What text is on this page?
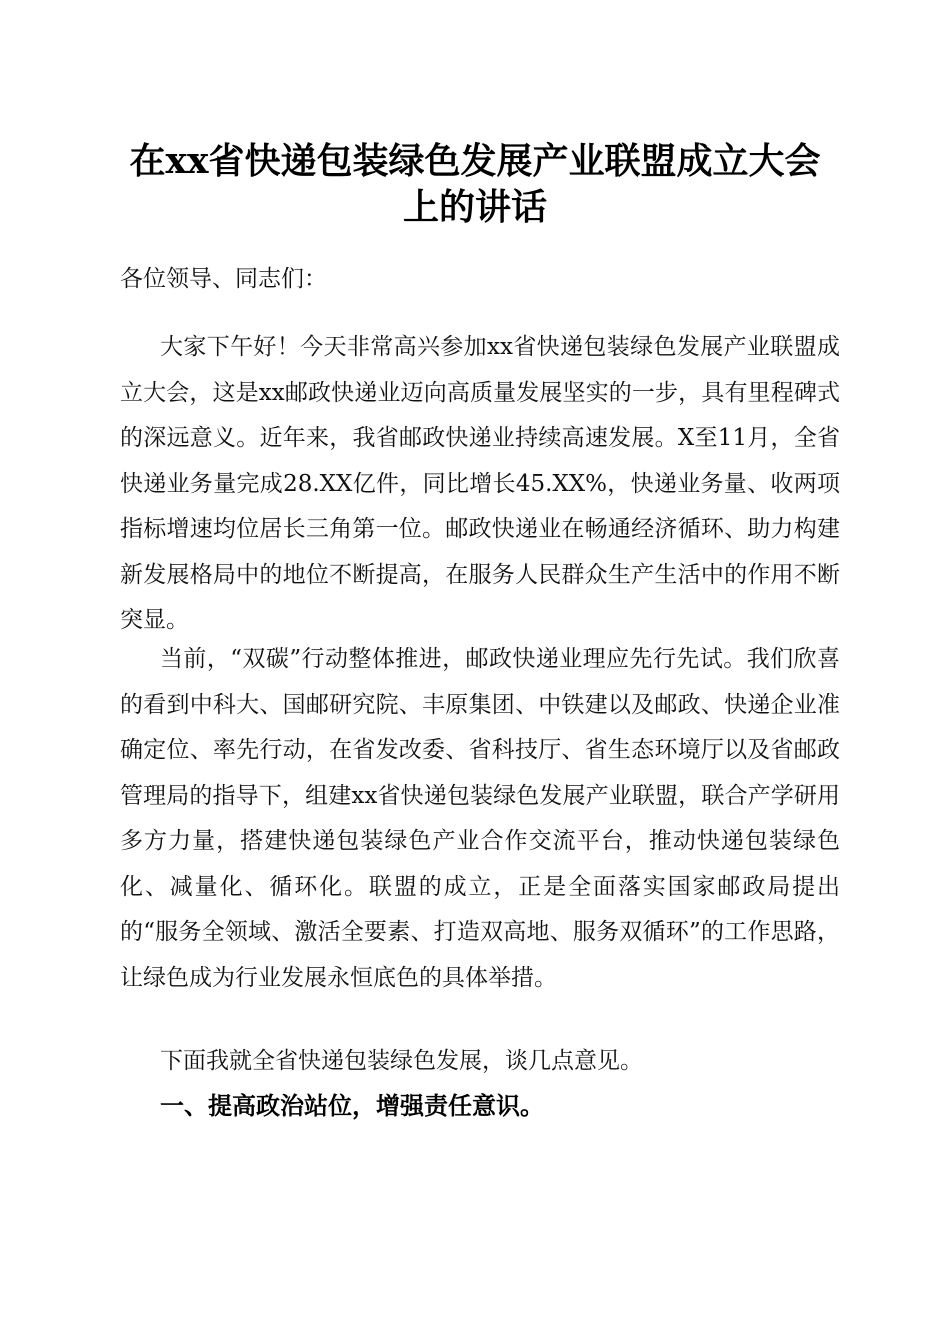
在xx省快递包装绿色发展产业联盟成立大会
上的讲话
各位领导、同志们：

大家下午好！今天非常高兴参加xx省快递包装绿色发展产业联盟成立大会，这是xx邮政快递业迈向高质量发展坚实的一步，具有里程碑式的深远意义。近年来，我省邮政快递业持续高速发展。X至11月，全省快递业务量完成28.XX亿件，同比增长45.XX%，快递业务量、收两项指标增速均位居长三角第一位。邮政快递业在畅通经济循环、助力构建新发展格局中的地位不断提高，在服务人民群众生产生活中的作用不断突显。

当前，“双碳”行动整体推进，邮政快递业理应先行先试。我们欣喜的看到中科大、国邮研究院、丰原集团、中铁建以及邮政、快递企业准确定位、率先行动，在省发改委、省科技厅、省生态环境厅以及省邮政管理局的指导下，组建xx省快递包装绿色发展产业联盟，联合产学研用多方力量，搭建快递包装绿色产业合作交流平台，推动快递包装绿色化、减量化、循环化。联盟的成立，正是全面落实国家邮政局提出的“服务全领域、激活全要素、打造双高地、服务双循环”的工作思路，让绿色成为行业发展永恒底色的具体举措。

下面我就全省快递包装绿色发展，谈几点意见。

一、提高政治站位，增强责任意识。
